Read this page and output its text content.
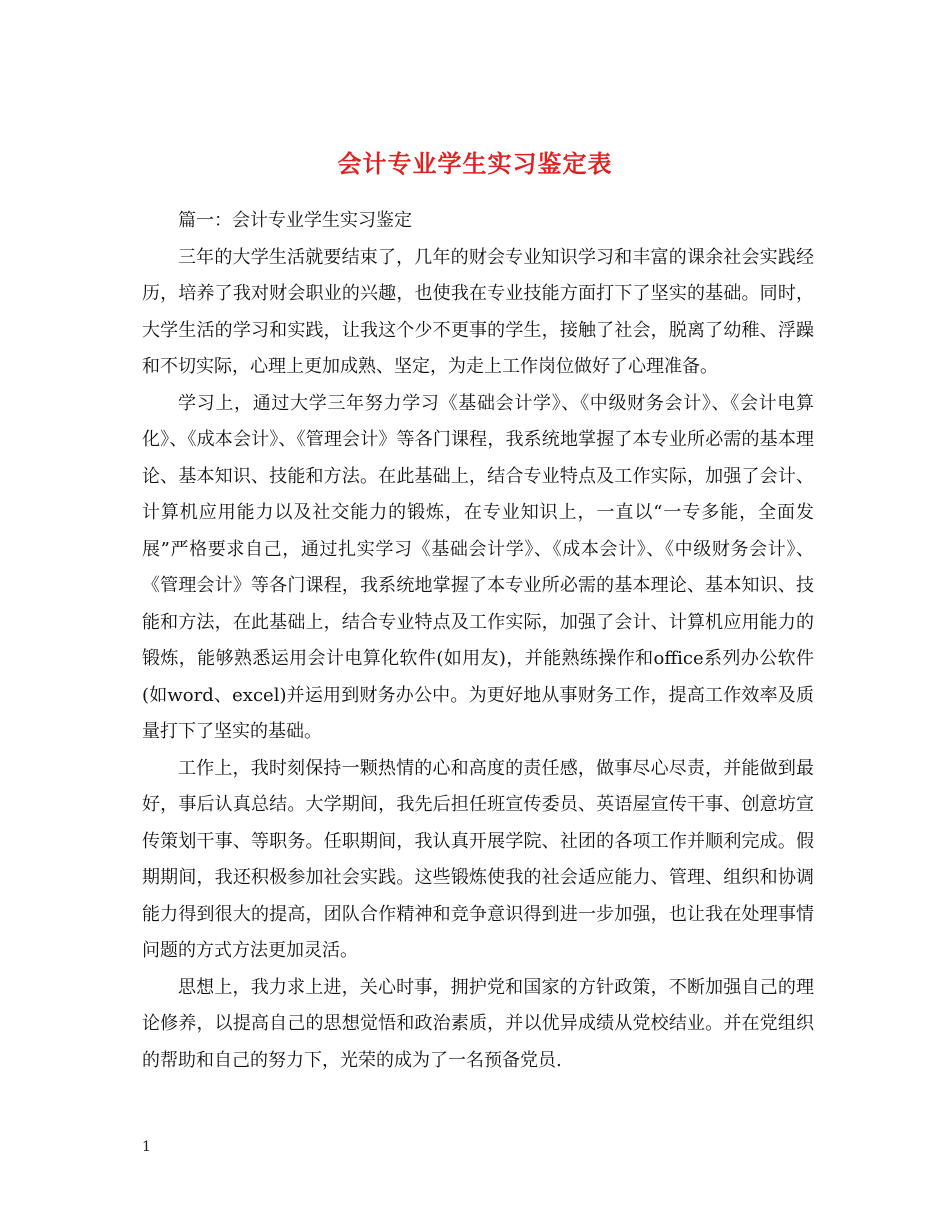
会计专业学生实习鉴定表

篇一：会计专业学生实习鉴定

三年的大学生活就要结束了，几年的财会专业知识学习和丰富的课余社会实践经历，培养了我对财会职业的兴趣，也使我在专业技能方面打下了坚实的基础。同时，大学生活的学习和实践，让我这个少不更事的学生，接触了社会，脱离了幼稚、浮躁和不切实际，心理上更加成熟、坚定，为走上工作岗位做好了心理准备。

学习上，通过大学三年努力学习《基础会计学》、《中级财务会计》、《会计电算化》、《成本会计》、《管理会计》等各门课程，我系统地掌握了本专业所必需的基本理论、基本知识、技能和方法。在此基础上，结合专业特点及工作实际，加强了会计、计算机应用能力以及社交能力的锻炼，在专业知识上，一直以“一专多能，全面发展”严格要求自己，通过扎实学习《基础会计学》、《成本会计》、《中级财务会计》、《管理会计》等各门课程，我系统地掌握了本专业所必需的基本理论、基本知识、技能和方法，在此基础上，结合专业特点及工作实际，加强了会计、计算机应用能力的锻炼，能够熟悉运用会计电算化软件(如用友)，并能熟练操作和office系列办公软件(如word、excel)并运用到财务办公中。为更好地从事财务工作，提高工作效率及质量打下了坚实的基础。

工作上，我时刻保持一颗热情的心和高度的责任感，做事尽心尽责，并能做到最好，事后认真总结。大学期间，我先后担任班宣传委员、英语屋宣传干事、创意坊宣传策划干事、等职务。任职期间，我认真开展学院、社团的各项工作并顺利完成。假期期间，我还积极参加社会实践。这些锻炼使我的社会适应能力、管理、组织和协调能力得到很大的提高，团队合作精神和竞争意识得到进一步加强，也让我在处理事情问题的方式方法更加灵活。

思想上，我力求上进，关心时事，拥护党和国家的方针政策，不断加强自己的理论修养，以提高自己的思想觉悟和政治素质，并以优异成绩从党校结业。并在党组织的帮助和自己的努力下，光荣的成为了一名预备党员.

1
